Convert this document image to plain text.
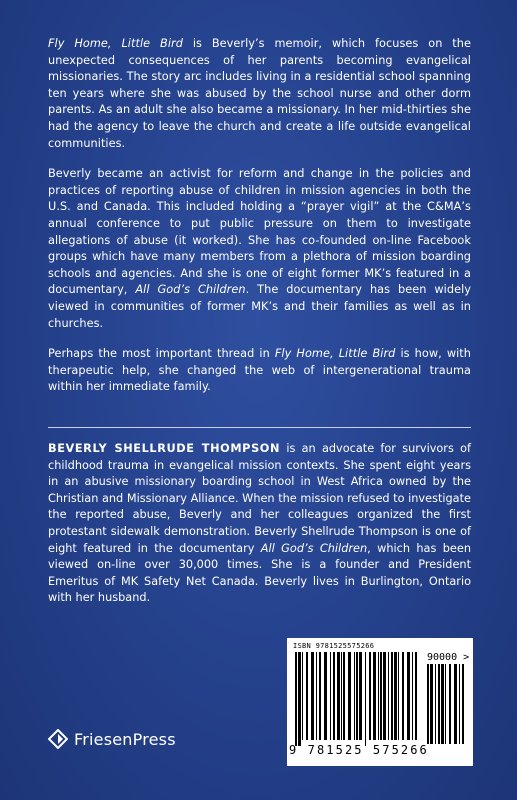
Fly Home, Little Bird is Beverly’s memoir, which focuses on the unexpected consequences of her parents becoming evangelical missionaries. The story arc includes living in a residential school spanning ten years where she was abused by the school nurse and other dorm parents. As an adult she also became a missionary. In her mid-thirties she had the agency to leave the church and create a life outside evangelical communities.

Beverly became an activist for reform and change in the policies and practices of reporting abuse of children in mission agencies in both the U.S. and Canada. This included holding a “prayer vigil” at the C&MA’s annual conference to put public pressure on them to investigate allegations of abuse (it worked). She has co-founded on-line Facebook groups which have many members from a plethora of mission boarding schools and agencies. And she is one of eight former MK’s featured in a documentary, All God’s Children. The documentary has been widely viewed in communities of former MK’s and their families as well as in churches.

Perhaps the most important thread in Fly Home, Little Bird is how, with therapeutic help, she changed the web of intergenerational trauma within her immediate family.

BEVERLY SHELLRUDE THOMPSON is an advocate for survivors of childhood trauma in evangelical mission contexts. She spent eight years in an abusive missionary boarding school in West Africa owned by the Christian and Missionary Alliance. When the mission refused to investigate the reported abuse, Beverly and her colleagues organized the first protestant sidewalk demonstration. Beverly Shellrude Thompson is one of eight featured in the documentary All God’s Children, which has been viewed on-line over 30,000 times. She is a founder and President Emeritus of MK Safety Net Canada. Beverly lives in Burlington, Ontario with her husband.

FriesenPress
ISBN 9781525575266
90000 >
9 781525 575266
